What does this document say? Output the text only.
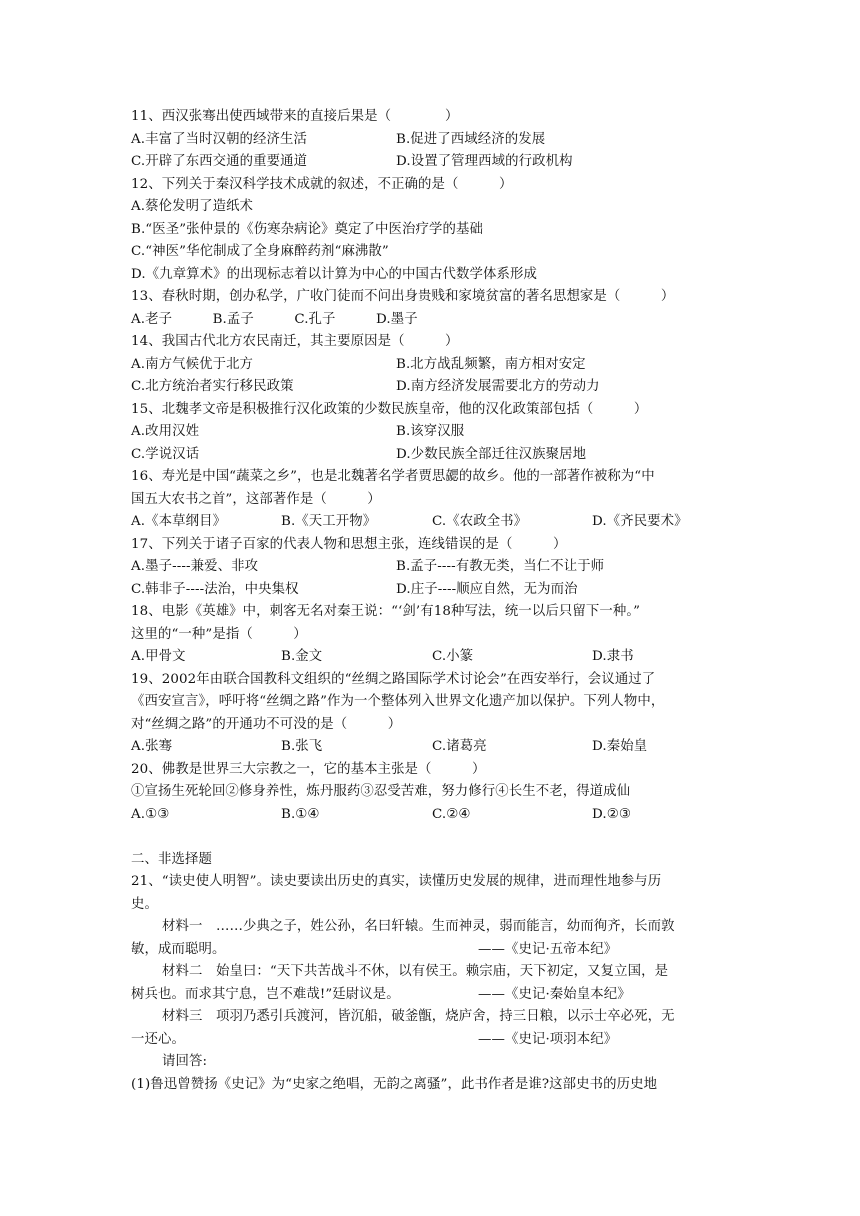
11、西汉张骞出使西域带来的直接后果是（　　　　）
A.丰富了当时汉朝的经济生活	B.促进了西域经济的发展
C.开辟了东西交通的重要通道	D.设置了管理西域的行政机构
12、下列关于秦汉科学技术成就的叙述，不正确的是（　　　）
A.蔡伦发明了造纸术
B.“医圣”张仲景的《伤寒杂病论》奠定了中医治疗学的基础
C.“神医”华佗制成了全身麻醉药剂“麻沸散”
D.《九章算术》的出现标志着以计算为中心的中国古代数学体系形成
13、春秋时期，创办私学，广收门徒而不问出身贵贱和家境贫富的著名思想家是（　　　）
A.老子　　　B.孟子　　　C.孔子　　　D.墨子
14、我国古代北方农民南迁，其主要原因是（　　　）
A.南方气候优于北方	B.北方战乱频繁，南方相对安定
C.北方统治者实行移民政策	D.南方经济发展需要北方的劳动力
15、北魏孝文帝是积极推行汉化政策的少数民族皇帝，他的汉化政策部包括（　　　）
A.改用汉姓	B.该穿汉服
C.学说汉话	D.少数民族全部迁往汉族聚居地
16、寿光是中国“蔬菜之乡”，也是北魏著名学者贾思勰的故乡。他的一部著作被称为“中
国五大农书之首”，这部著作是（　　　）
A.《本草纲目》	B.《天工开物》	C.《农政全书》	D.《齐民要术》
17、下列关于诸子百家的代表人物和思想主张，连线错误的是（　　　）
A.墨子----兼爱、非攻	B.孟子----有教无类，当仁不让于师
C.韩非子----法治，中央集权	D.庄子----顺应自然，无为而治
18、电影《英雄》中，刺客无名对秦王说：“‘剑’有18种写法，统一以后只留下一种。”
这里的“一种”是指（　　　）
A.甲骨文	B.金文	C.小篆	D.隶书
19、2002年由联合国教科文组织的“丝绸之路国际学术讨论会”在西安举行，会议通过了
《西安宣言》，呼吁将“丝绸之路”作为一个整体列入世界文化遗产加以保护。下列人物中，
对“丝绸之路”的开通功不可没的是（　　　）
A.张骞	B.张飞	C.诸葛亮	D.秦始皇
20、佛教是世界三大宗教之一，它的基本主张是（　　　）
①宣扬生死轮回②修身养性，炼丹服药③忍受苦难，努力修行④长生不老，得道成仙
A.①③	B.①④	C.②④	D.②③
二、非选择题
21、“读史使人明智”。读史要读出历史的真实，读懂历史发展的规律，进而理性地参与历
史。
材料一　……少典之子，姓公孙，名曰轩辕。生而神灵，弱而能言，幼而徇齐，长而敦
敏，成而聪明。	——《史记·五帝本纪》
材料二　始皇曰：“天下共苦战斗不休，以有侯王。赖宗庙，天下初定，又复立国，是
树兵也。而求其宁息，岂不难哉!”廷尉议是。	——《史记·秦始皇本纪》
材料三　项羽乃悉引兵渡河，皆沉船，破釜甑，烧庐舍，持三日粮，以示士卒必死，无
一还心。	——《史记·项羽本纪》
请回答:
(1)鲁迅曾赞扬《史记》为“史家之绝唱，无韵之离骚”，此书作者是谁?这部史书的历史地
